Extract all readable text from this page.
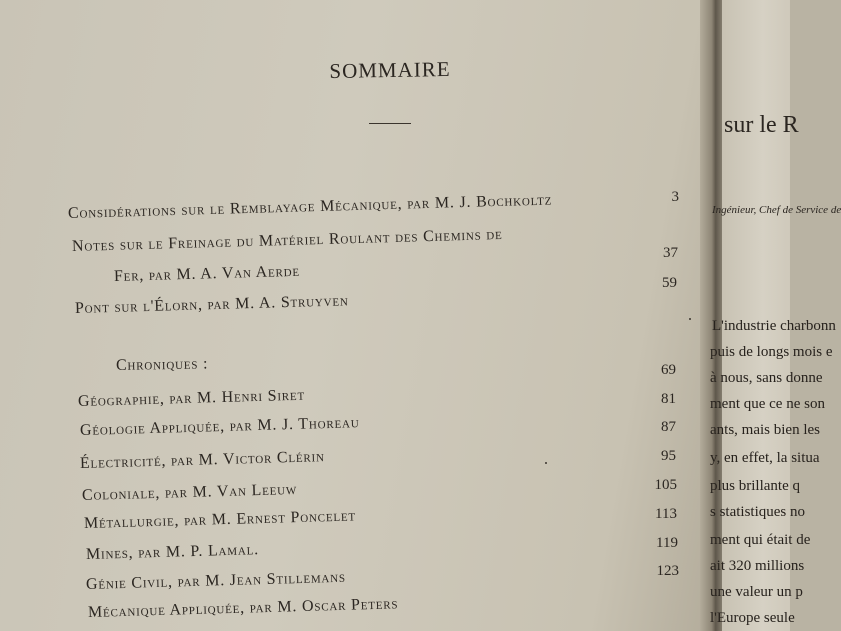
SOMMAIRE
Considérations sur le Remblayage Mécanique, par M. J. Bochkoltz	3
Notes sur le Freinage du Matériel Roulant des Chemins de	37
Fer, par M. A. Van Aerde	59
Pont sur l'Élorn, par M. A. Struyven
Chroniques :	69
Géographie, par M. Henri Siret	81
Géologie Appliquée, par M. J. Thoreau	87
Électricité, par M. Victor Clérin	95
Coloniale, par M. Van Leeuw	105
Métallurgie, par M. Ernest Poncelet	113
Mines, par M. P. Lamal.	119
Génie Civil, par M. Jean Stillemans	123
Mécanique Appliquée, par M. Oscar Peters
sur le R
Ingénieur, Chef de Service de
L'industrie charbonn
puis de longs mois e
à nous, sans donne
ment que ce ne son
ants, mais bien les
y, en effet, la situa
plus brillante q
s statistiques no
ment qui était de
ait 320 millions
une valeur un p
l'Europe seule
